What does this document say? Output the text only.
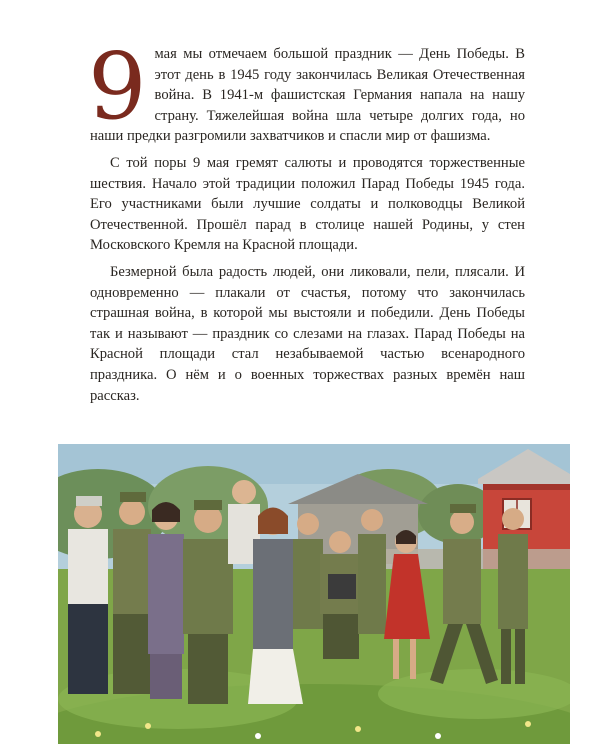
9 мая мы отмечаем большой праздник — День Победы. В этот день в 1945 году закончилась Великая Отечественная война. В 1941-м фашистская Германия напала на нашу страну. Тяжелейшая война шла четыре долгих года, но наши предки разгромили захватчиков и спасли мир от фашизма.

С той поры 9 мая гремят салюты и проводятся торжественные шествия. Начало этой традиции положил Парад Победы 1945 года. Его участниками были лучшие солдаты и полководцы Великой Отечественной. Прошёл парад в столице нашей Родины, у стен Московского Кремля на Красной площади.

Безмерной была радость людей, они ликовали, пели, плясали. И одновременно — плакали от счастья, потому что закончилась страшная война, в которой мы выстояли и победили. День Победы так и называют — праздник со слезами на глазах. Парад Победы на Красной площади стал незабываемой частью всенародного праздника. О нём и о военных торжествах разных времён наш рассказ.
